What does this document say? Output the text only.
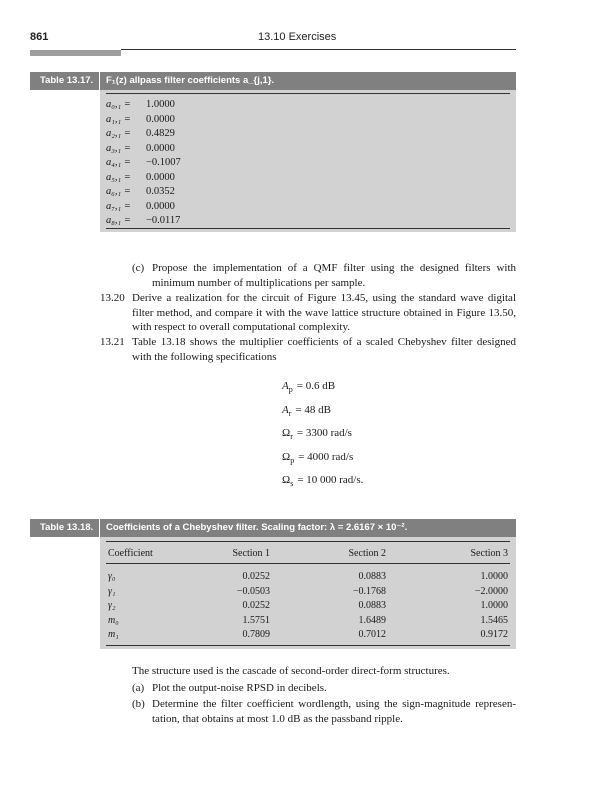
861	13.10 Exercises
Table 13.17.	F₁(z) allpass filter coefficients a_{j,1}.
a₀,₁ = 1.0000
a₁,₁ = 0.0000
a₂,₁ = 0.4829
a₃,₁ = 0.0000
a₄,₁ = −0.1007
a₅,₁ = 0.0000
a₆,₁ = 0.0352
a₇,₁ = 0.0000
a₈,₁ = −0.0117
(c) Propose the implementation of a QMF filter using the designed filters with
minimum number of multiplications per sample.
13.20 Derive a realization for the circuit of Figure 13.45, using the standard wave digital
filter method, and compare it with the wave lattice structure obtained in Figure 13.50,
with respect to overall computational complexity.
13.21 Table 13.18 shows the multiplier coefficients of a scaled Chebyshev filter designed
with the following specifications
$A_p = 0.6$ dB
$A_r = 48$ dB
$\Omega_r = 3300$ rad/s
$\Omega_p = 4000$ rad/s
$\Omega_s = 10$ 000 rad/s.
Table 13.18.	Coefficients of a Chebyshev filter. Scaling factor: λ = 2.6167 × 10⁻².
Coefficient	Section 1	Section 2	Section 3
γ₀	0.0252	0.0883	1.0000
γ₁	−0.0503	−0.1768	−2.0000
γ₂	0.0252	0.0883	1.0000
m₀	1.5751	1.6489	1.5465
m₁	0.7809	0.7012	0.9172
The structure used is the cascade of second-order direct-form structures.
(a) Plot the output-noise RPSD in decibels.
(b) Determine the filter coefficient wordlength, using the sign-magnitude represen-
tation, that obtains at most 1.0 dB as the passband ripple.
